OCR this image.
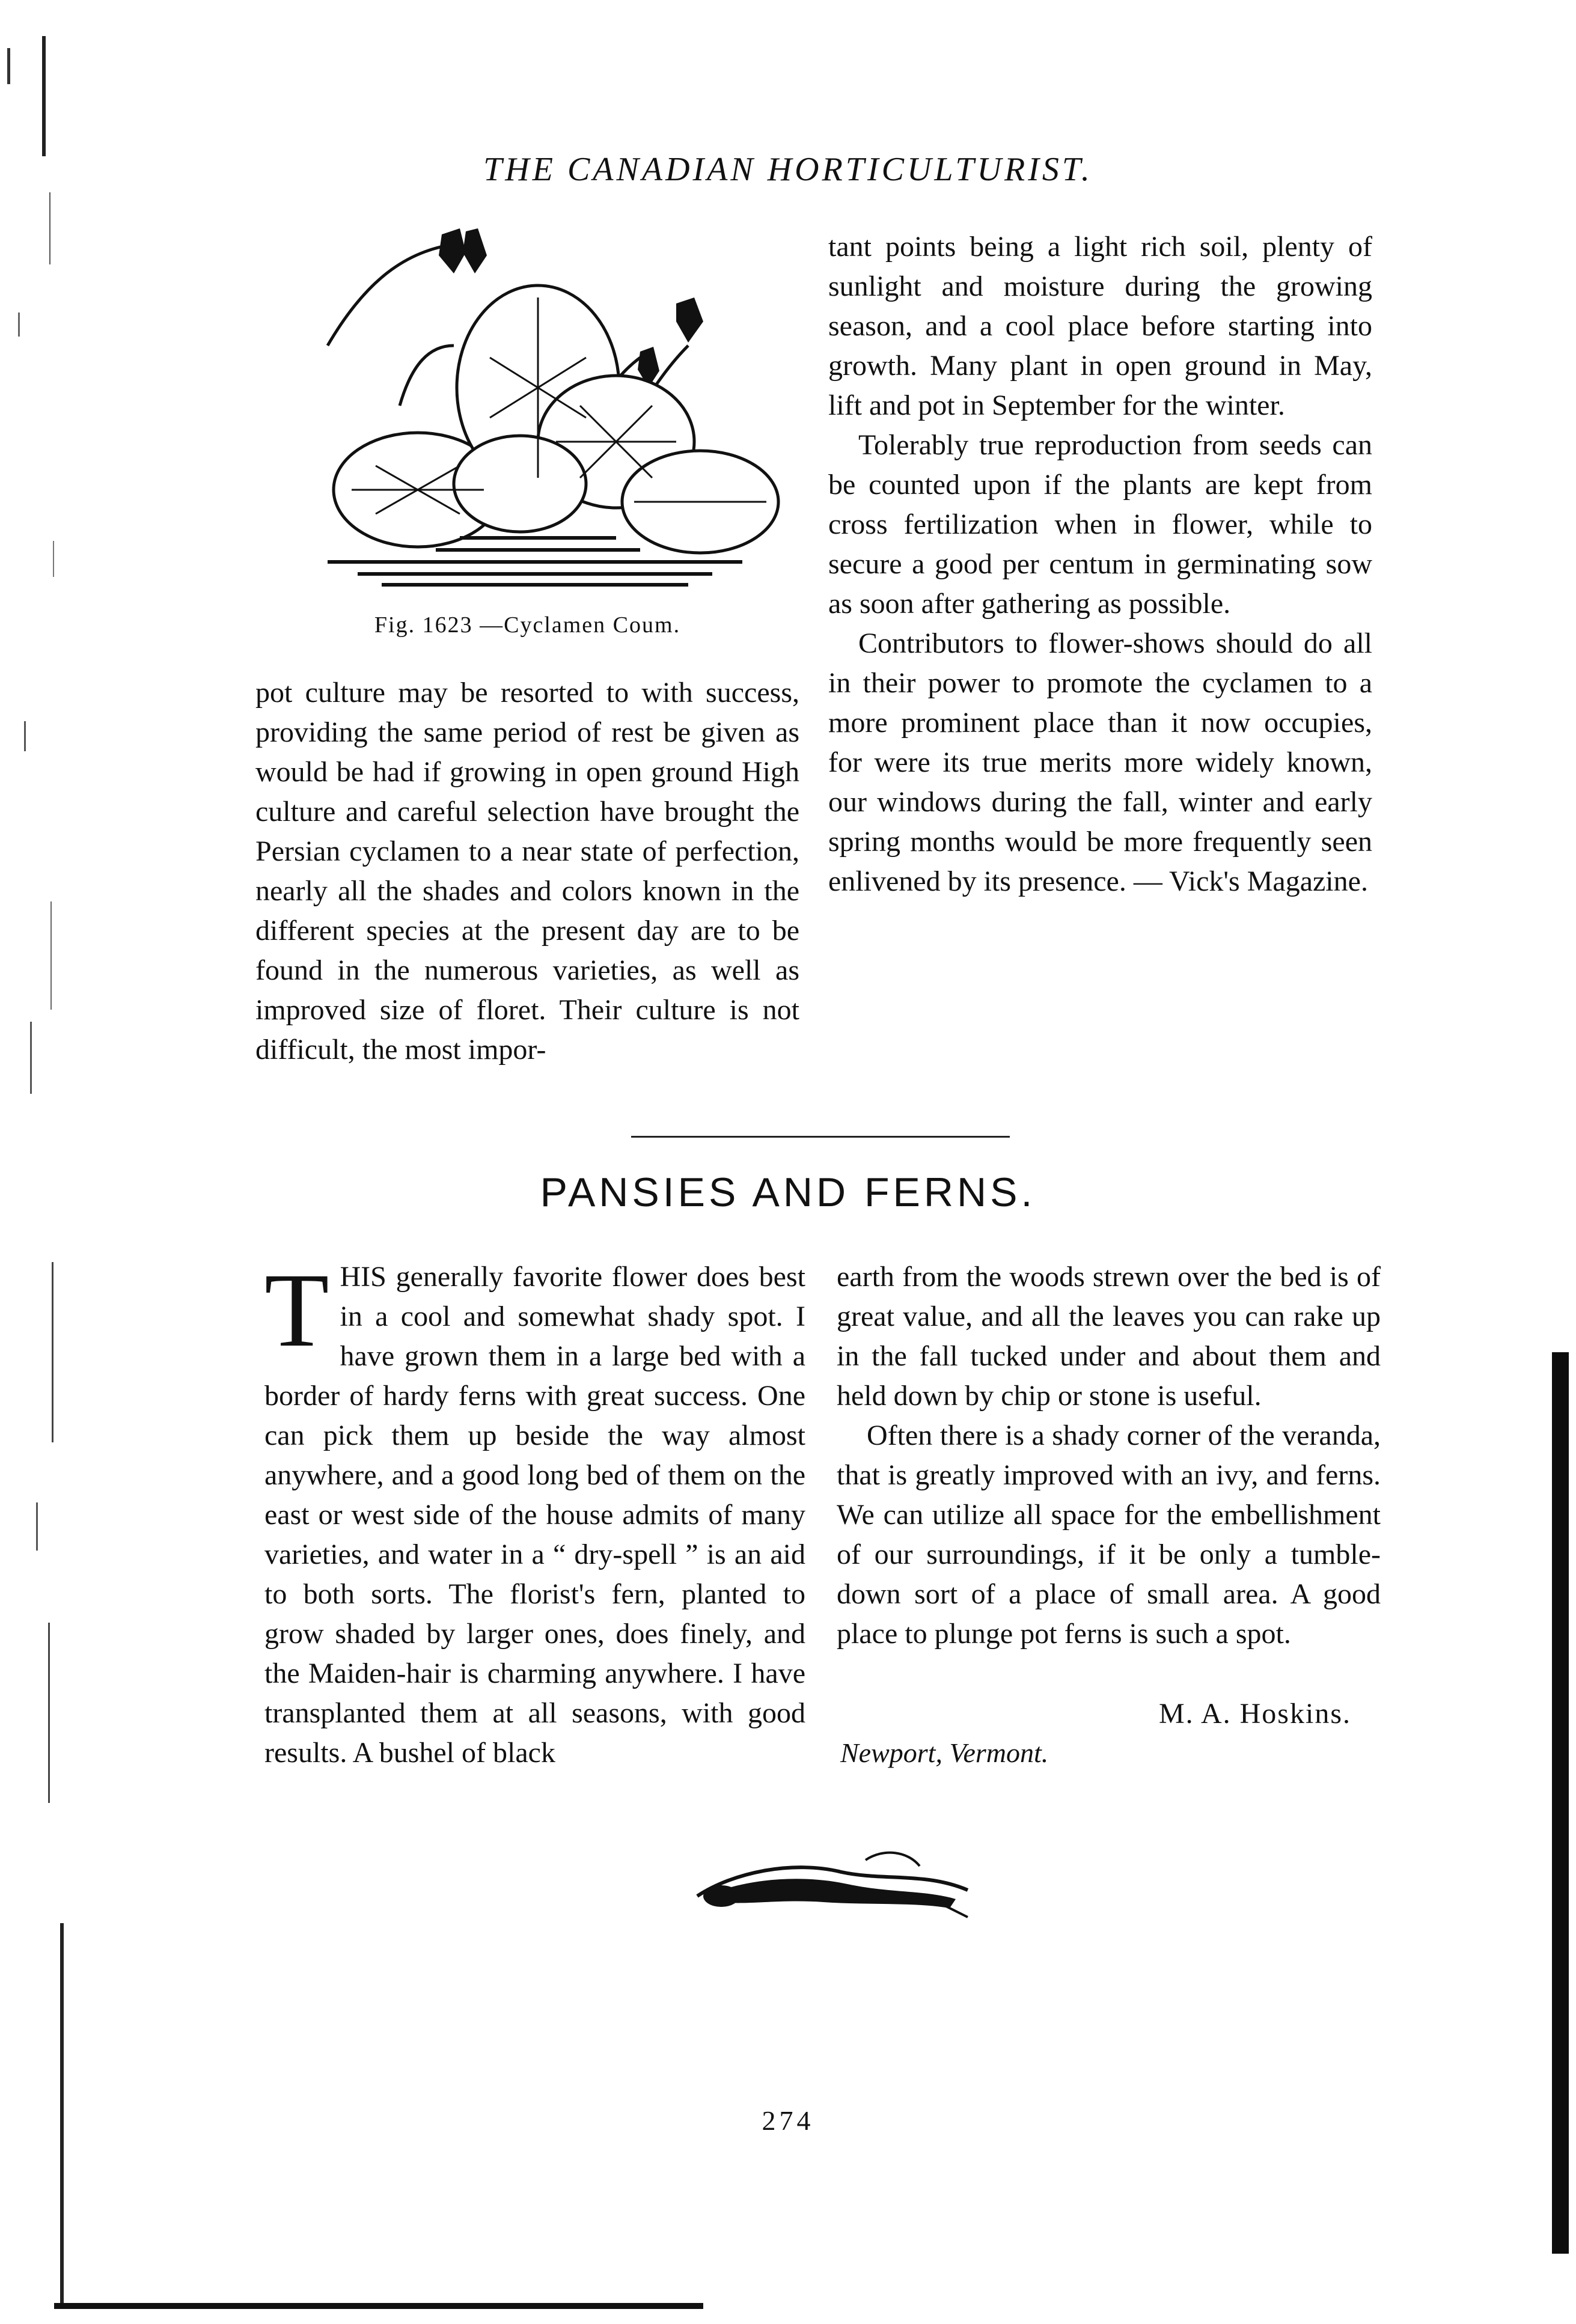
THE CANADIAN HORTICULTURIST.
Fig. 1623 —Cyclamen Coum.

pot culture may be resorted to with success, providing the same period of rest be given as would be had if growing in open ground High culture and careful selection have brought the Persian cyclamen to a near state of perfection, nearly all the shades and colors known in the different species at the present day are to be found in the numerous varieties, as well as improved size of floret. Their culture is not difficult, the most impor-

tant points being a light rich soil, plenty of sunlight and moisture during the growing season, and a cool place before starting into growth. Many plant in open ground in May, lift and pot in September for the winter.

Tolerably true reproduction from seeds can be counted upon if the plants are kept from cross fertilization when in flower, while to secure a good per centum in germinating sow as soon after gathering as possible.

Contributors to flower-shows should do all in their power to promote the cyclamen to a more prominent place than it now occupies, for were its true merits more widely known, our windows during the fall, winter and early spring months would be more frequently seen enlivened by its presence. — Vick's Magazine.

PANSIES AND FERNS.

THIS generally favorite flower does best in a cool and somewhat shady spot. I have grown them in a large bed with a border of hardy ferns with great success. One can pick them up beside the way almost anywhere, and a good long bed of them on the east or west side of the house admits of many varieties, and water in a “ dry-spell ” is an aid to both sorts. The florist's fern, planted to grow shaded by larger ones, does finely, and the Maiden-hair is charming anywhere. I have transplanted them at all seasons, with good results. A bushel of black

earth from the woods strewn over the bed is of great value, and all the leaves you can rake up in the fall tucked under and about them and held down by chip or stone is useful.

Often there is a shady corner of the veranda, that is greatly improved with an ivy, and ferns. We can utilize all space for the embellishment of our surroundings, if it be only a tumble-down sort of a place of small area. A good place to plunge pot ferns is such a spot.

M. A. Hoskins.
Newport, Vermont.
274
